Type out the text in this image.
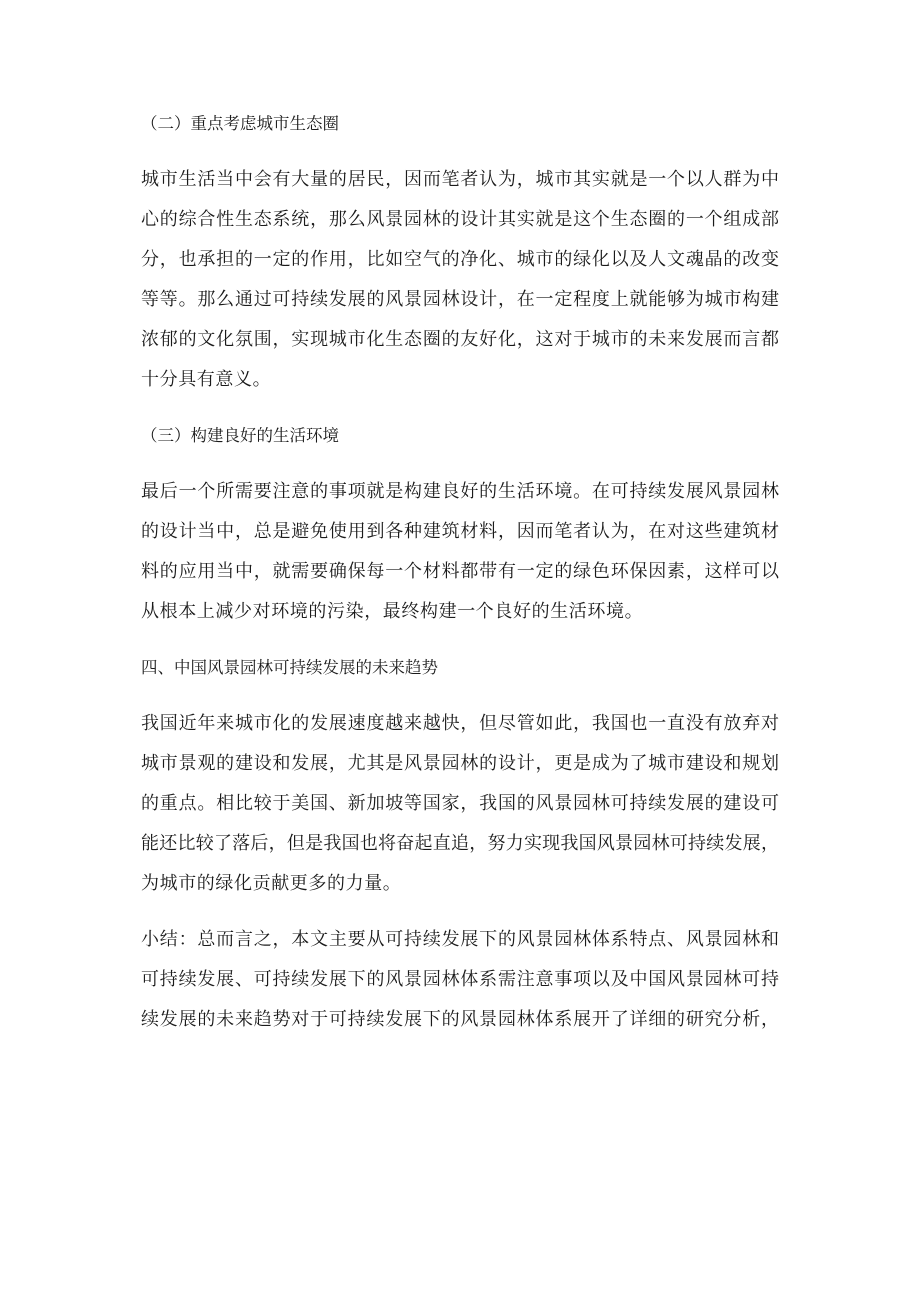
（二）重点考虑城市生态圈
城市生活当中会有大量的居民，因而笔者认为，城市其实就是一个以人群为中
心的综合性生态系统，那么风景园林的设计其实就是这个生态圈的一个组成部
分，也承担的一定的作用，比如空气的净化、城市的绿化以及人文魂晶的改变
等等。那么通过可持续发展的风景园林设计，在一定程度上就能够为城市构建
浓郁的文化氛围，实现城市化生态圈的友好化，这对于城市的未来发展而言都
十分具有意义。
（三）构建良好的生活环境
最后一个所需要注意的事项就是构建良好的生活环境。在可持续发展风景园林
的设计当中，总是避免使用到各种建筑材料，因而笔者认为，在对这些建筑材
料的应用当中，就需要确保每一个材料都带有一定的绿色环保因素，这样可以
从根本上减少对环境的污染，最终构建一个良好的生活环境。
四、中国风景园林可持续发展的未来趋势
我国近年来城市化的发展速度越来越快，但尽管如此，我国也一直没有放弃对
城市景观的建设和发展，尤其是风景园林的设计，更是成为了城市建设和规划
的重点。相比较于美国、新加坡等国家，我国的风景园林可持续发展的建设可
能还比较了落后，但是我国也将奋起直追，努力实现我国风景园林可持续发展，
为城市的绿化贡献更多的力量。
小结：总而言之，本文主要从可持续发展下的风景园林体系特点、风景园林和
可持续发展、可持续发展下的风景园林体系需注意事项以及中国风景园林可持
续发展的未来趋势对于可持续发展下的风景园林体系展开了详细的研究分析，
